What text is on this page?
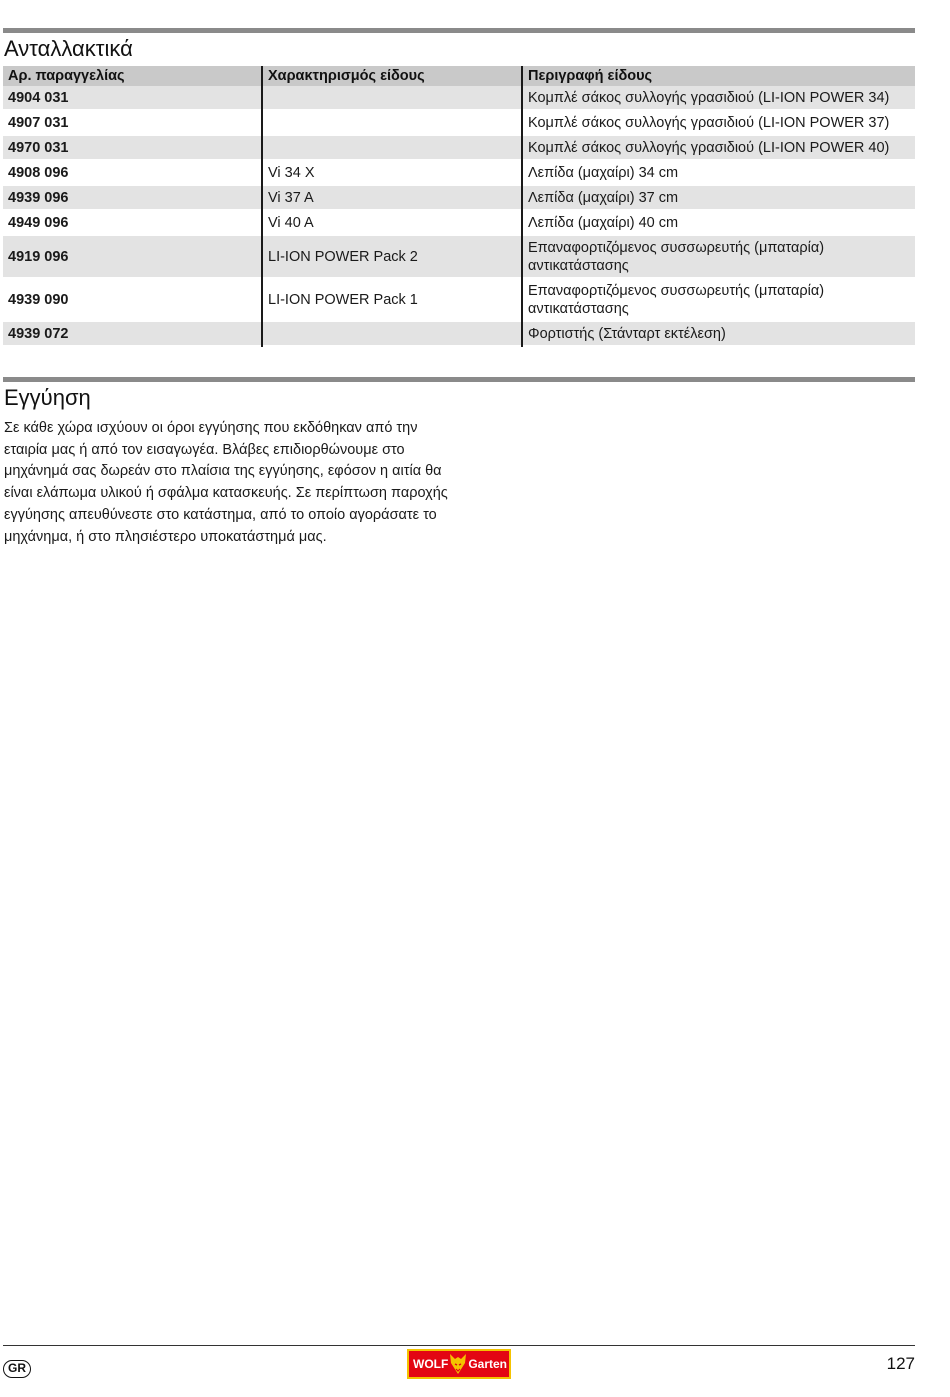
Ανταλλακτικά
Αρ. παραγγελίας	Χαρακτηρισμός είδους	Περιγραφή είδους
4904 031		Κομπλέ σάκος συλλογής γρασιδιού (LI-ION POWER 34)
4907 031		Κομπλέ σάκος συλλογής γρασιδιού (LI-ION POWER 37)
4970 031		Κομπλέ σάκος συλλογής γρασιδιού (LI-ION POWER 40)
4908 096	Vi 34 X	Λεπίδα (μαχαίρι) 34 cm
4939 096	Vi 37 A	Λεπίδα (μαχαίρι) 37 cm
4949 096	Vi 40 A	Λεπίδα (μαχαίρι) 40 cm
4919 096	LI-ION POWER Pack 2	Επαναφορτιζόμενος συσσωρευτής (μπαταρία) αντικατάστασης
4939 090	LI-ION POWER Pack 1	Επαναφορτιζόμενος συσσωρευτής (μπαταρία) αντικατάστασης
4939 072		Φορτιστής (Στάνταρτ εκτέλεση)
Εγγύηση

Σε κάθε χώρα ισχύουν οι όροι εγγύησης που εκδόθηκαν από την εταιρία μας ή από τον εισαγωγέα. Βλάβες επιδιορθώνουμε στο μηχάνημά σας δωρεάν στο πλαίσια της εγγύησης, εφόσον η αιτία θα είναι ελάπωμα υλικού ή σφάλμα κατασκευής. Σε περίπτωση παροχής εγγύησης απευθύνεστε στο κατάστημα, από το οποίο αγοράσατε το μηχάνημα, ή στο πλησιέστερο υποκατάστημά μας.

GR	WOLF Garten	127
